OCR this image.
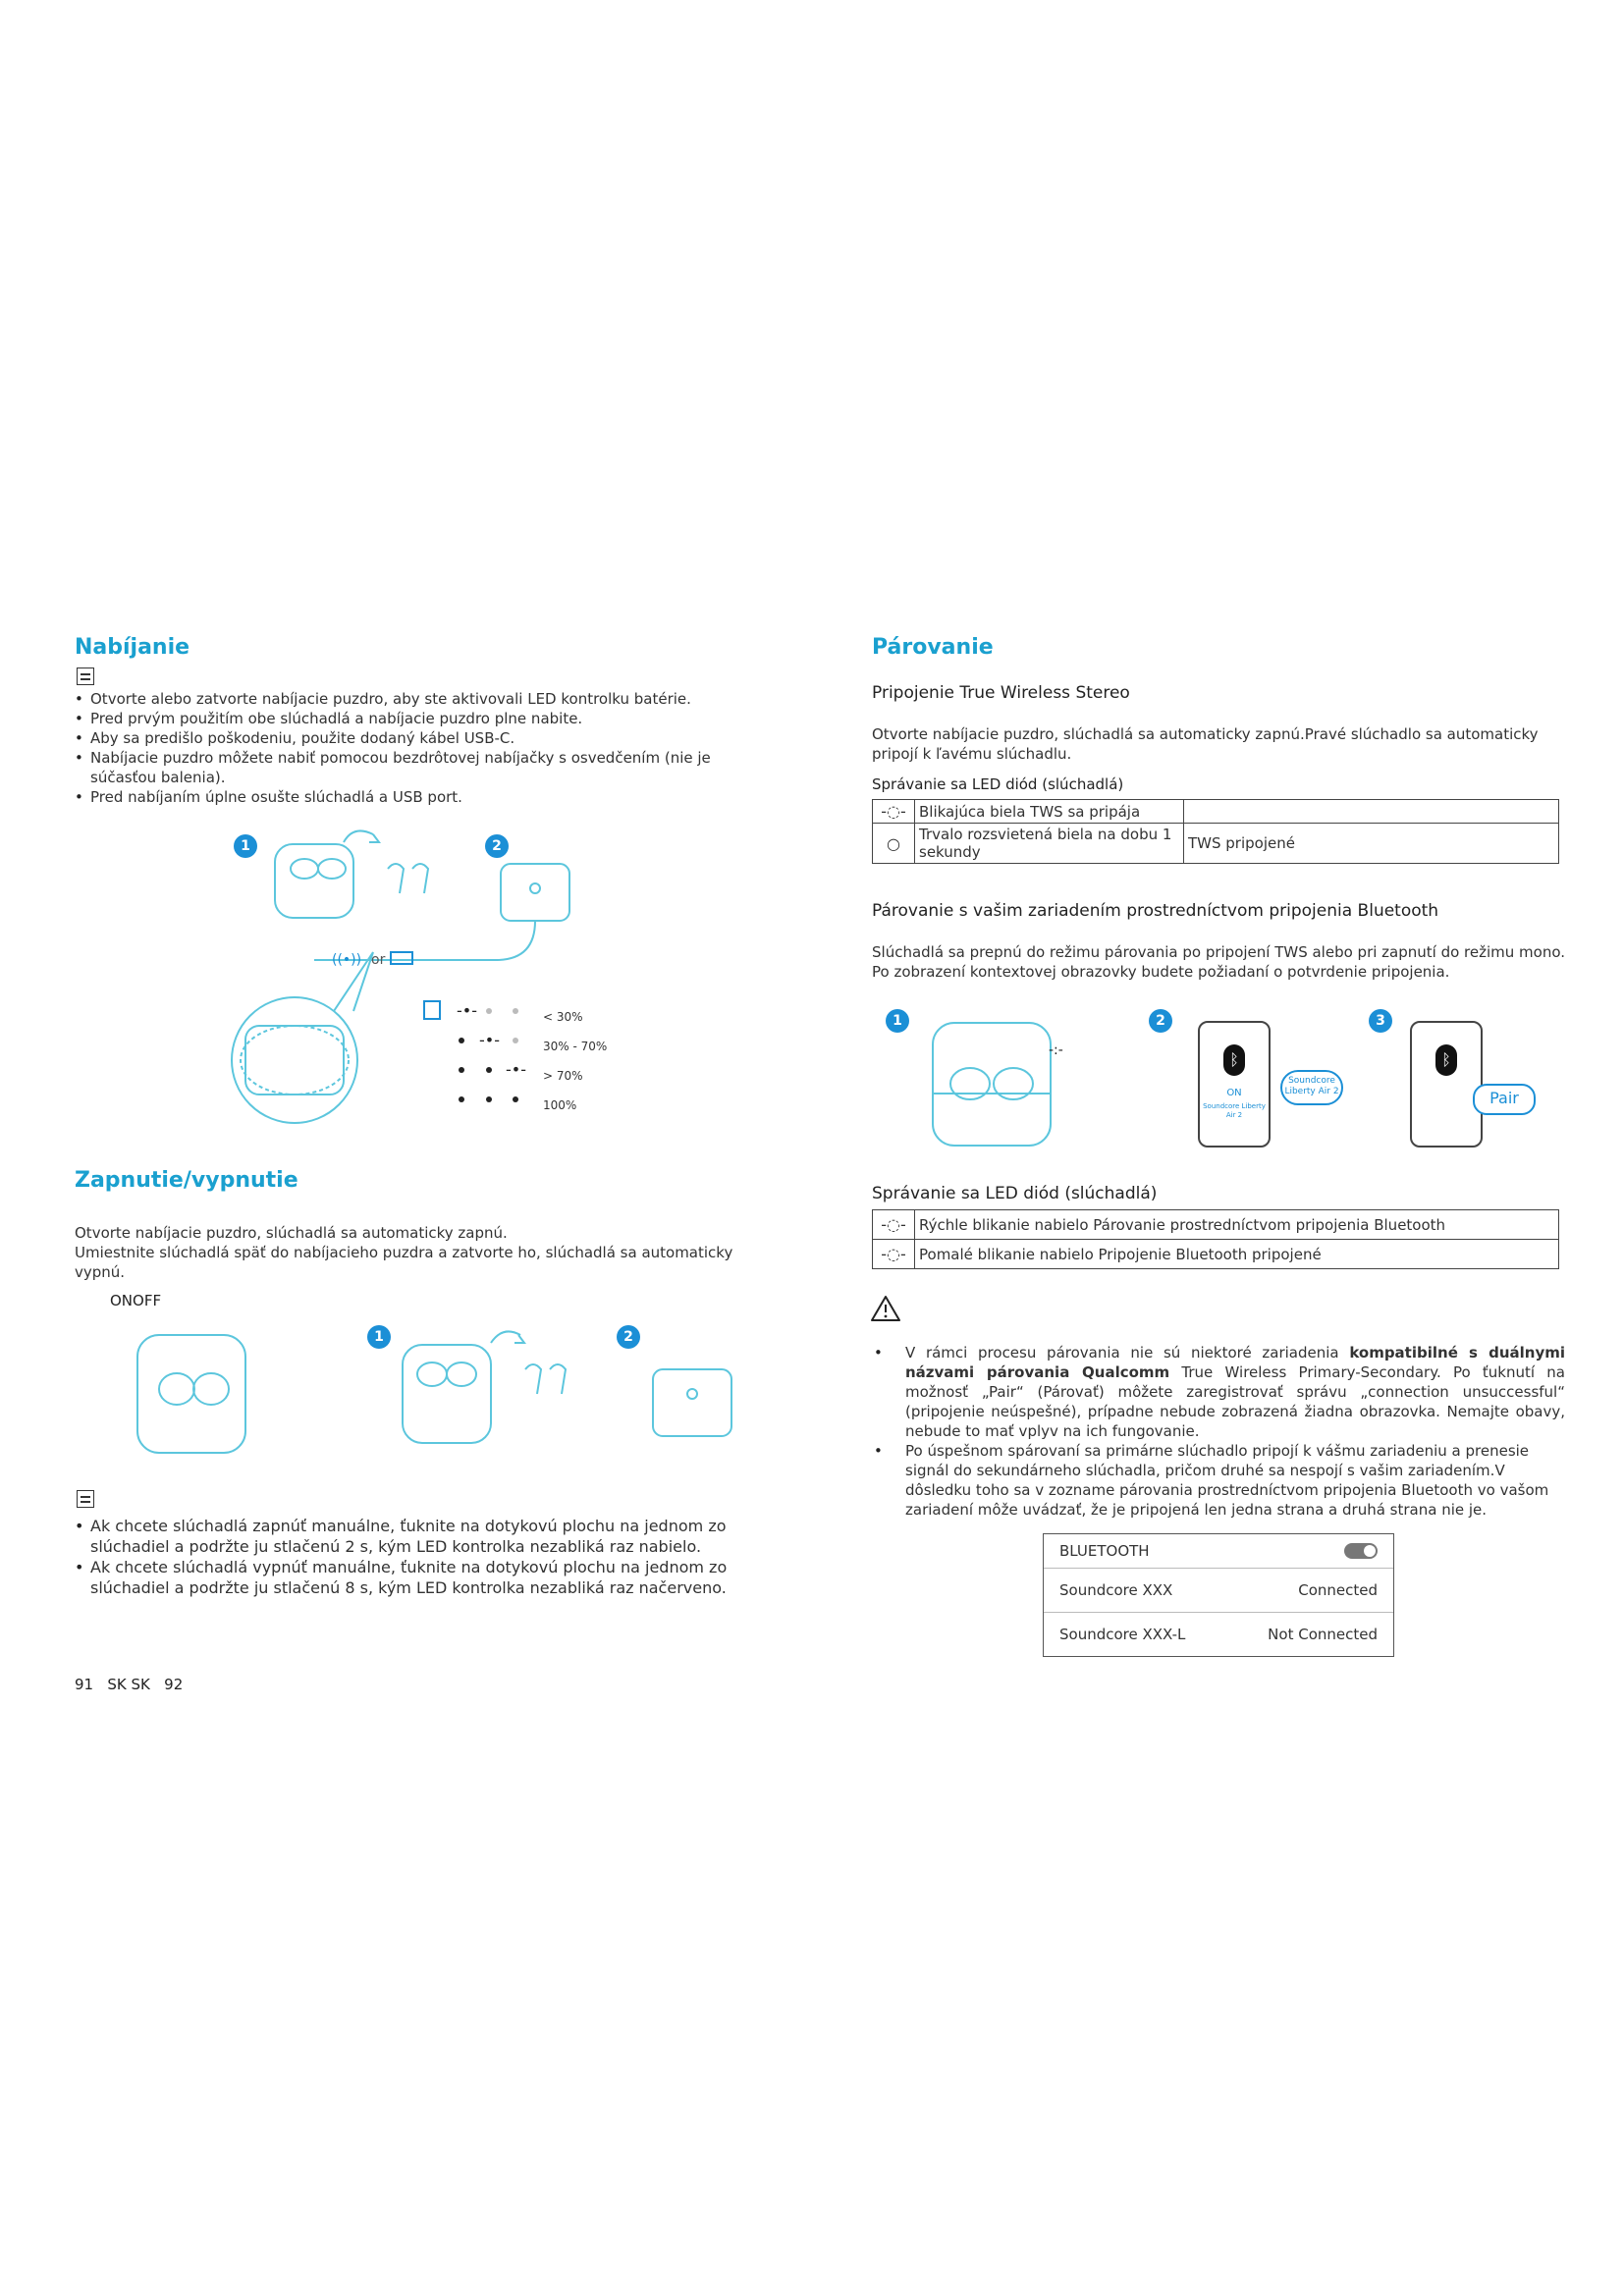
Nabíjanie
• Otvorte alebo zatvorte nabíjacie puzdro, aby ste aktivovali LED kontrolku batérie.
• Pred prvým použitím obe slúchadlá a nabíjacie puzdro plne nabite.
• Aby sa predišlo poškodeniu, použite dodaný kábel USB-C.
• Nabíjacie puzdro môžete nabiť pomocou bezdrôtovej nabíjačky s osvedčením (nie je súčasťou balenia).
• Pred nabíjaním úplne osušte slúchadlá a USB port.
1	2
((•)) or
-•-
-•-
-•-
< 30%
30% - 70%
> 70%
100%
Zapnutie/vypnutie
Otvorte nabíjacie puzdro, slúchadlá sa automaticky zapnú.
Umiestnite slúchadlá späť do nabíjacieho puzdra a zatvorte ho, slúchadlá sa automaticky vypnú.
ONOFF
1	2
• Ak chcete slúchadlá zapnúť manuálne, ťuknite na dotykovú plochu na jednom zo slúchadiel a podržte ju stlačenú 2 s, kým LED kontrolka nezabliká raz nabielo.
• Ak chcete slúchadlá vypnúť manuálne, ťuknite na dotykovú plochu na jednom zo slúchadiel a podržte ju stlačenú 8 s, kým LED kontrolka nezabliká raz načerveno.
91   SK SK   92
Párovanie
Pripojenie True Wireless Stereo
Otvorte nabíjacie puzdro, slúchadlá sa automaticky zapnú.Pravé slúchadlo sa automaticky pripojí k ľavému slúchadlu.
Správanie sa LED diód (slúchadlá)
-◌-	Blikajúca biela TWS sa pripája	
○	Trvalo rozsvietená biela na dobu 1 sekundy	TWS pripojené
Párovanie s vašim zariadením prostredníctvom pripojenia Bluetooth
Slúchadlá sa prepnú do režimu párovania po pripojení TWS alebo pri zapnutí do režimu mono. Po zobrazení kontextovej obrazovky budete požiadaní o potvrdenie pripojenia.
1	2	3
-:-	ᛒ
ON
Soundcore Liberty Air 2
Soundcore Liberty Air 2
ᛒ
Pair
Správanie sa LED diód (slúchadlá)
-◌-	Rýchle blikanie nabielo Párovanie prostredníctvom pripojenia Bluetooth
-◌-	Pomalé blikanie nabielo Pripojenie Bluetooth pripojené
• V rámci procesu párovania nie sú niektoré zariadenia kompatibilné s duálnymi názvami párovania Qualcomm True Wireless Primary-Secondary. Po ťuknutí na možnosť „Pair“ (Párovať) môžete zaregistrovať správu „connection unsuccessful“ (pripojenie neúspešné), prípadne nebude zobrazená žiadna obrazovka. Nemajte obavy, nebude to mať vplyv na ich fungovanie.
• Po úspešnom spárovaní sa primárne slúchadlo pripojí k vášmu zariadeniu a prenesie signál do sekundárneho slúchadla, pričom druhé sa nespojí s vašim zariadením.V dôsledku toho sa v zozname párovania prostredníctvom pripojenia Bluetooth vo vašom zariadení môže uvádzať, že je pripojená len jedna strana a druhá strana nie je.
BLUETOOTH
Soundcore XXX	Connected
Soundcore XXX-L	Not Connected
